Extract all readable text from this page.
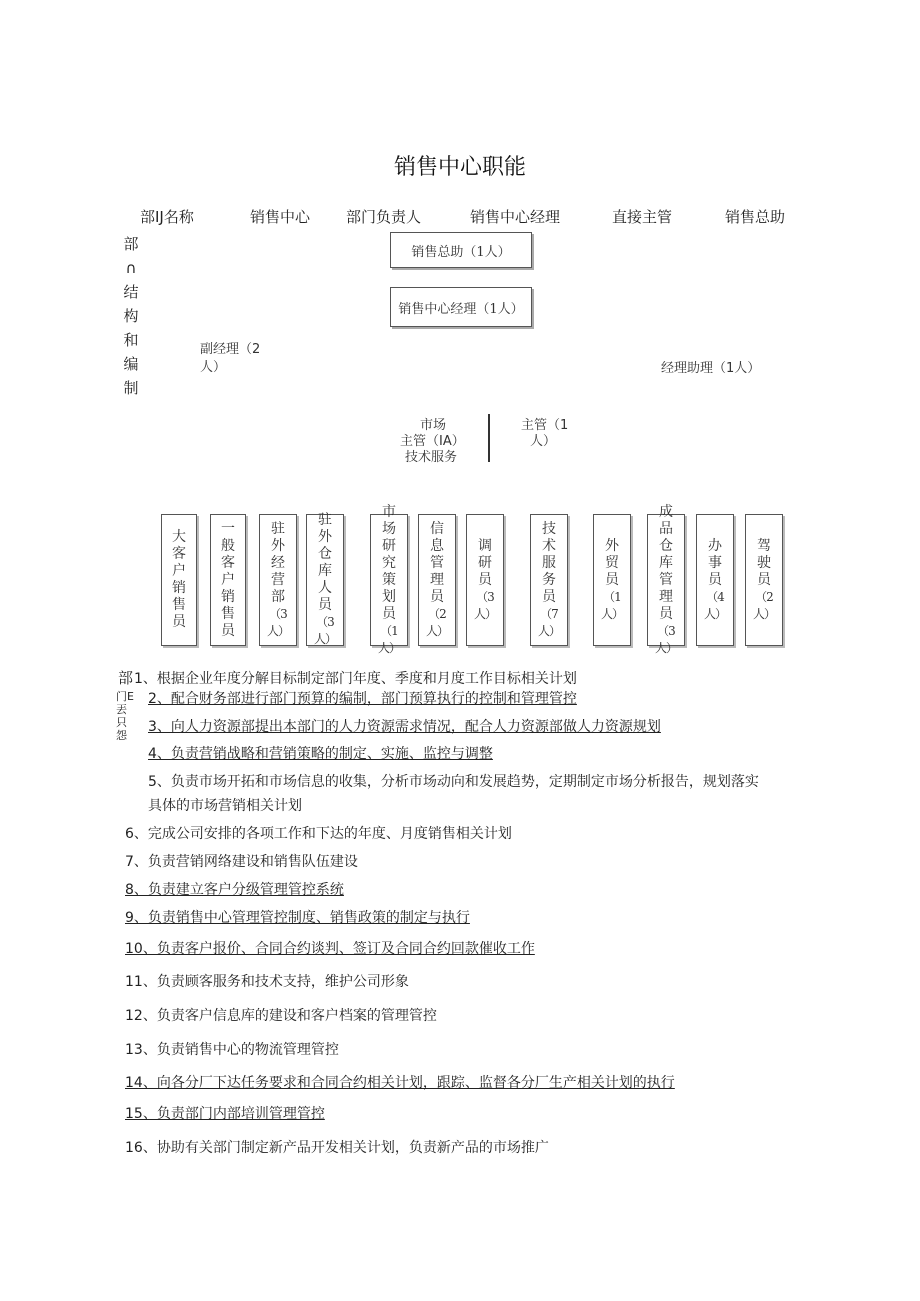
销售中心职能
部IJ名称	销售中心 部门负责人	销售中心经理	直接主管	销售总助
部
∩
结
构
和
编
制
销售总助（1人）
销售中心经理（1人）
副经理（2
人）	经理助理（1人）
市场
主管（IA）
技术服务
主管（1
人）
大客户销售员
一般客户销售员
驻外经营部
（3人）
驻外仓库人员
（3人）
市场研究策划员
（1人）
信息管理员
（2人）
调研员
（3人）
技术服务员
（7人）
外贸员
（1人）
成品仓库管理员
（3人）
办事员
（4人）
驾驶员
（2人）
部
门E丟只怨
1、根据企业年度分解目标制定部门年度、季度和月度工作目标相关计划
2、配合财务部进行部门预算的编制，部门预算执行的控制和管理管控
3、向人力资源部提出本部门的人力资源需求情况，配合人力资源部做人力资源规划
4、负责营销战略和营销策略的制定、实施、监控与调整
5、负责市场开拓和市场信息的收集，分析市场动向和发展趋势，定期制定市场分析报告，规划落实
具体的市场营销相关计划
6、完成公司安排的各项工作和下达的年度、月度销售相关计划
7、负责营销网络建设和销售队伍建设
8、负责建立客户分级管理管控系统
9、负责销售中心管理管控制度、销售政策的制定与执行
10、负责客户报价、合同合约谈判、签订及合同合约回款催收工作
11、负责顾客服务和技术支持，维护公司形象
12、负责客户信息库的建设和客户档案的管理管控
13、负责销售中心的物流管理管控
14、向各分厂下达任务要求和合同合约相关计划，跟踪、监督各分厂生产相关计划的执行
15、负责部门内部培训管理管控
16、协助有关部门制定新产品开发相关计划，负责新产品的市场推广
